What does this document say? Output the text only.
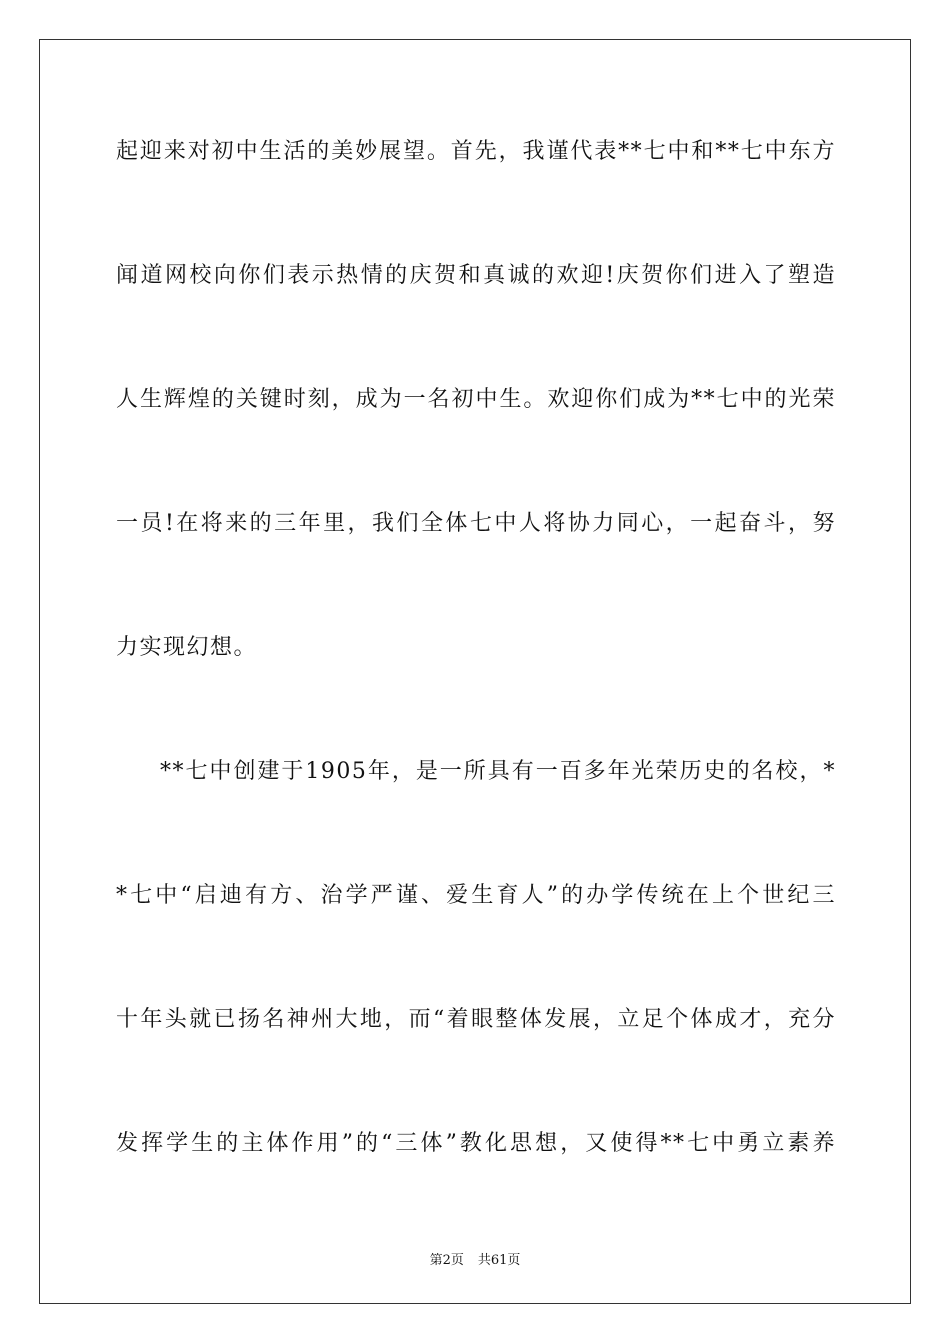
起迎来对初中生活的美妙展望。首先，我谨代表**七中和**七中东方
闻道网校向你们表示热情的庆贺和真诚的欢迎!庆贺你们进入了塑造
人生辉煌的关键时刻，成为一名初中生。欢迎你们成为**七中的光荣
一员!在将来的三年里，我们全体七中人将协力同心，一起奋斗，努
力实现幻想。
**七中创建于1905年，是一所具有一百多年光荣历史的名校，*
*七中“启迪有方、治学严谨、爱生育人”的办学传统在上个世纪三
十年头就已扬名神州大地，而“着眼整体发展，立足个体成才，充分
发挥学生的主体作用”的“三体”教化思想，又使得**七中勇立素养
第2页 共61页
